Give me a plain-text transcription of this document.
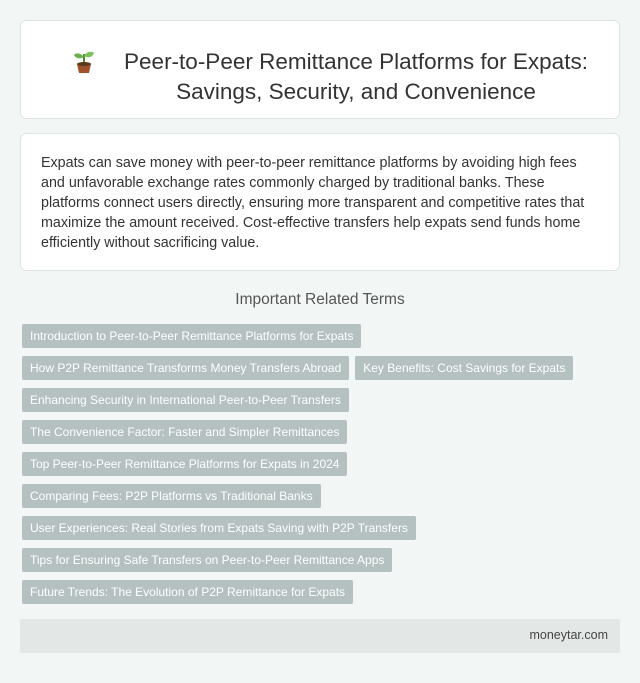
Peer-to-Peer Remittance Platforms for Expats:
Savings, Security, and Convenience
Expats can save money with peer-to-peer remittance platforms by avoiding high fees and unfavorable exchange rates commonly charged by traditional banks. These platforms connect users directly, ensuring more transparent and competitive rates that maximize the amount received. Cost-effective transfers help expats send funds home efficiently without sacrificing value.
Important Related Terms
Introduction to Peer-to-Peer Remittance Platforms for Expats
How P2P Remittance Transforms Money Transfers Abroad	Key Benefits: Cost Savings for Expats
Enhancing Security in International Peer-to-Peer Transfers
The Convenience Factor: Faster and Simpler Remittances
Top Peer-to-Peer Remittance Platforms for Expats in 2024
Comparing Fees: P2P Platforms vs Traditional Banks
User Experiences: Real Stories from Expats Saving with P2P Transfers
Tips for Ensuring Safe Transfers on Peer-to-Peer Remittance Apps
Future Trends: The Evolution of P2P Remittance for Expats
moneytar.com
